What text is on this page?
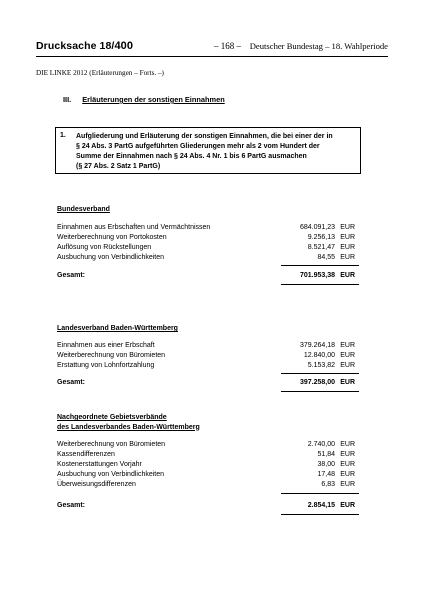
Drucksache 18/400	– 168 – Deutscher Bundestag – 18. Wahlperiode
DIE LINKE 2012 (Erläuterungen – Forts. –)
III. Erläuterungen der sonstigen Einnahmen
1. Aufgliederung und Erläuterung der sonstigen Einnahmen, die bei einer der in
§ 24 Abs. 3 PartG aufgeführten Gliederungen mehr als 2 vom Hundert der
Summe der Einnahmen nach § 24 Abs. 4 Nr. 1 bis 6 PartG ausmachen
(§ 27 Abs. 2 Satz 1 PartG)
Bundesverband
Einnahmen aus Erbschaften und Vermächtnissen	684.091,23 EUR
Weiterberechnung von Portokosten	9.256,13 EUR
Auflösung von Rückstellungen	8.521,47 EUR
Ausbuchung von Verbindlichkeiten	84,55 EUR
Gesamt:	701.953,38 EUR
Landesverband Baden-Württemberg
Einnahmen aus einer Erbschaft	379.264,18 EUR
Weiterberechnung von Büromieten	12.840,00 EUR
Erstattung von Lohnfortzahlung	5.153,82 EUR
Gesamt:	397.258,00 EUR
Nachgeordnete Gebietsverbände
des Landesverbandes Baden-Württemberg
Weiterberechnung von Büromieten	2.740,00 EUR
Kassendifferenzen	51,84 EUR
Kostenerstattungen Vorjahr	38,00 EUR
Ausbuchung von Verbindlichkeiten	17,48 EUR
Überweisungsdifferenzen	6,83 EUR
Gesamt:	2.854,15 EUR
